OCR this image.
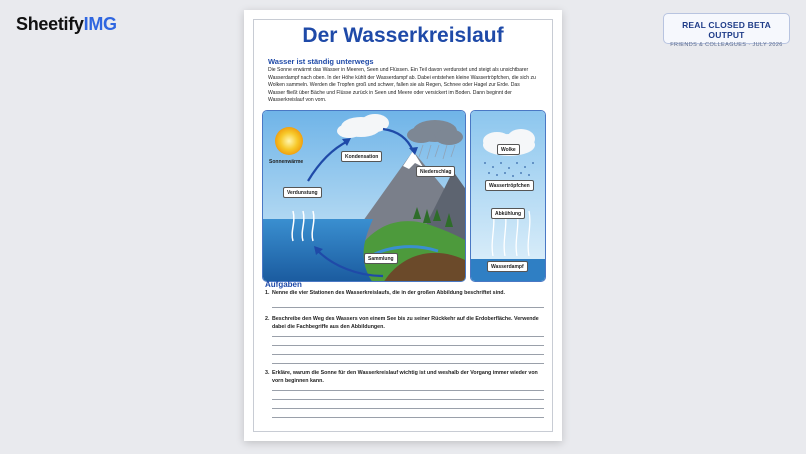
SheetifyIMG	REAL CLOSED BETA OUTPUT
FRIENDS & COLLEAGUES · JULY 2026
Der Wasserkreislauf
Wasser ist ständig unterwegs
Die Sonne erwärmt das Wasser in Meeren, Seen und Flüssen. Ein Teil davon verdunstet und steigt als unsichtbarer Wasserdampf nach oben. In der Höhe kühlt der Wasserdampf ab. Dabei entstehen kleine Wassertröpfchen, die sich zu Wolken sammeln. Werden die Tropfen groß und schwer, fallen sie als Regen, Schnee oder Hagel zur Erde. Das Wasser fließt über Bäche und Flüsse zurück in Seen und Meere oder versickert im Boden. Dann beginnt der Wasserkreislauf von vorn.
Sonnenwärme
Kondensation
Niederschlag
Verdunstung
Sammlung
Wolke
Wassertröpfchen
Abkühlung
Wasserdampf
Aufgaben
1. Nenne die vier Stationen des Wasserkreislaufs, die in der großen Abbildung beschriftet sind.
2. Beschreibe den Weg des Wassers von einem See bis zu seiner Rückkehr auf die Erdoberfläche. Verwende dabei die Fachbegriffe aus den Abbildungen.
3. Erkläre, warum die Sonne für den Wasserkreislauf wichtig ist und weshalb der Vorgang immer wieder von vorn beginnen kann.
